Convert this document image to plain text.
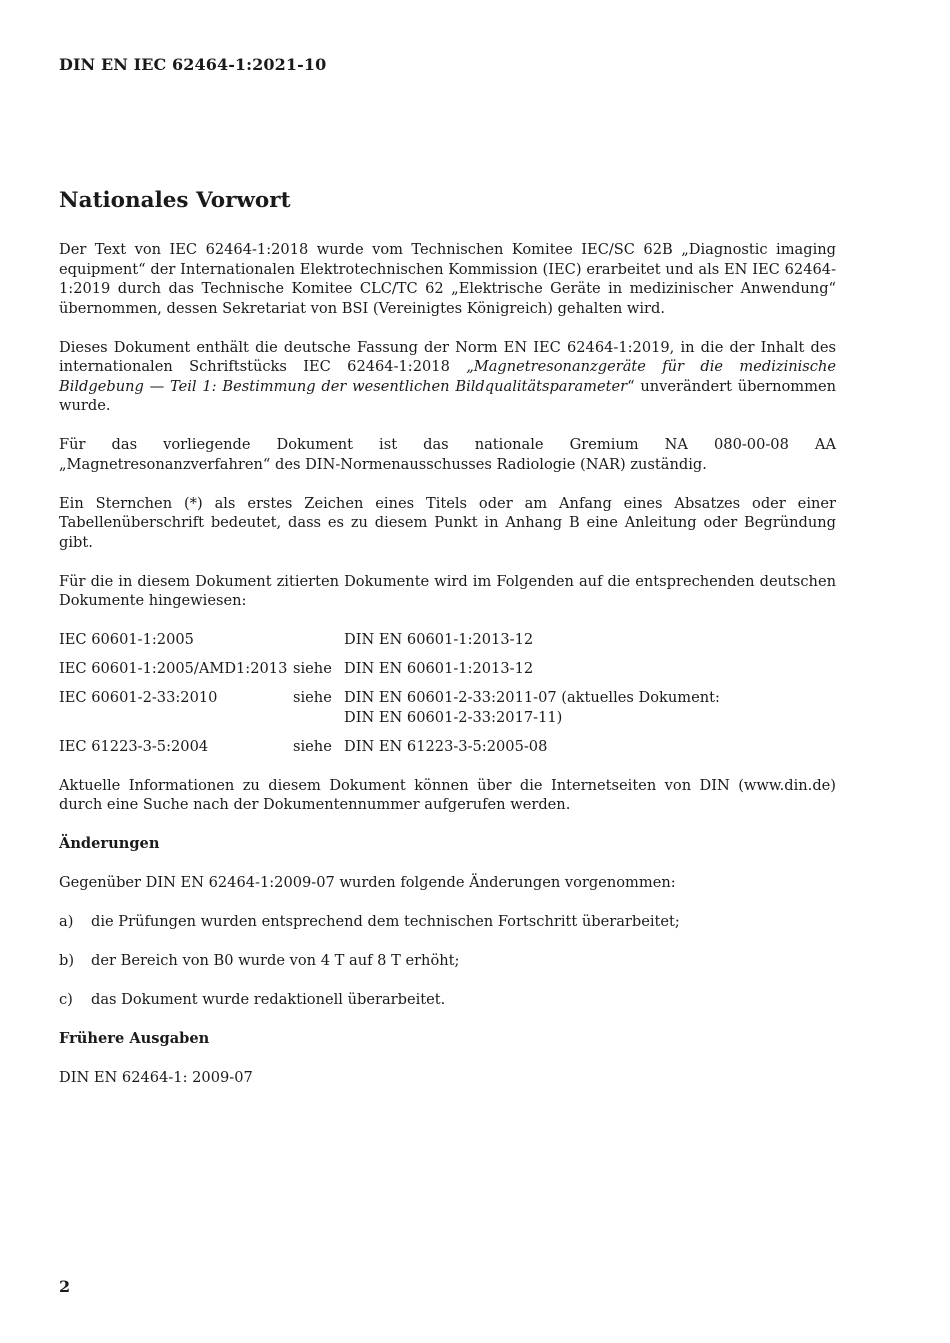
DIN EN IEC 62464-1:2021-10
Nationales Vorwort

Der Text von IEC 62464-1:2018 wurde vom Technischen Komitee IEC/SC 62B „Diagnostic imaging equipment“ der Internationalen Elektrotechnischen Kommission (IEC) erarbeitet und als EN IEC 62464-1:2019 durch das Technische Komitee CLC/TC 62 „Elektrische Geräte in medizinischer Anwendung“ übernommen, dessen Sekretariat von BSI (Vereinigtes Königreich) gehalten wird.

Dieses Dokument enthält die deutsche Fassung der Norm EN IEC 62464-1:2019, in die der Inhalt des internationalen Schriftstücks IEC 62464-1:2018 „Magnetresonanzgeräte für die medizinische Bildgebung — Teil 1: Bestimmung der wesentlichen Bildqualitätsparameter“ unverändert übernommen wurde.

Für das vorliegende Dokument ist das nationale Gremium NA 080-00-08 AA „Magnetresonanzverfahren“ des DIN-Normenausschusses Radiologie (NAR) zuständig.

Ein Sternchen (*) als erstes Zeichen eines Titels oder am Anfang eines Absatzes oder einer Tabellenüberschrift bedeutet, dass es zu diesem Punkt in Anhang B eine Anleitung oder Begründung gibt.

Für die in diesem Dokument zitierten Dokumente wird im Folgenden auf die entsprechenden deutschen Dokumente hingewiesen:

IEC 60601-1:2005	DIN EN 60601-1:2013-12
IEC 60601-1:2005/AMD1:2013 siehe DIN EN 60601-1:2013-12
IEC 60601-2-33:2010	siehe DIN EN 60601-2-33:2011-07 (aktuelles Dokument:
DIN EN 60601-2-33:2017-11)
IEC 61223-3-5:2004	siehe DIN EN 61223-3-5:2005-08

Aktuelle Informationen zu diesem Dokument können über die Internetseiten von DIN (www.din.de) durch eine Suche nach der Dokumentennummer aufgerufen werden.

Änderungen

Gegenüber DIN EN 62464-1:2009-07 wurden folgende Änderungen vorgenommen:

a)	die Prüfungen wurden entsprechend dem technischen Fortschritt überarbeitet;
b)	der Bereich von B0 wurde von 4 T auf 8 T erhöht;
c)	das Dokument wurde redaktionell überarbeitet.
Frühere Ausgaben

DIN EN 62464-1: 2009-07

2
